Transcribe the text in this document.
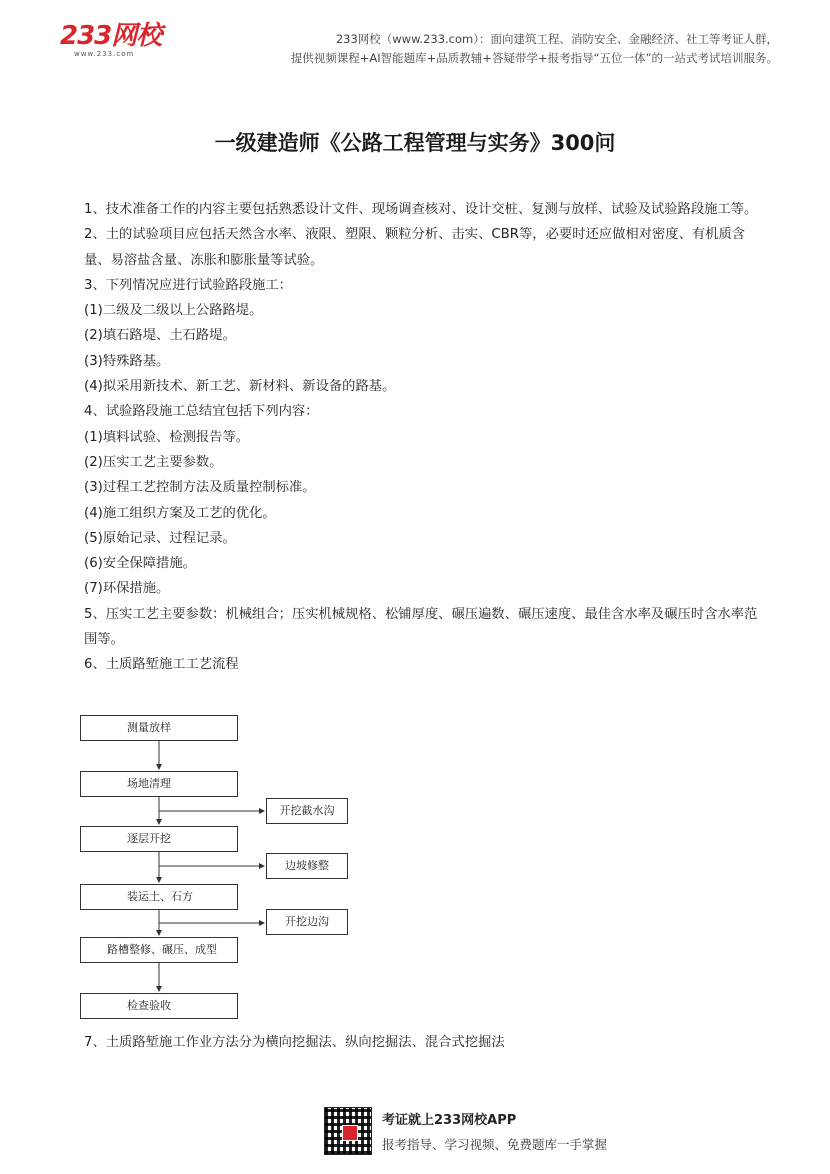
233网校
www.233.com
233网校（www.233.com）：面向建筑工程、消防安全、金融经济、社工等考证人群，
提供视频课程+AI智能题库+品质教辅+答疑带学+报考指导“五位一体”的一站式考试培训服务。
一级建造师《公路工程管理与实务》300问

1、技术准备工作的内容主要包括熟悉设计文件、现场调查核对、设计交桩、复测与放样、试验及试验路段施工等。

2、土的试验项目应包括天然含水率、液限、塑限、颗粒分析、击实、CBR等，必要时还应做相对密度、有机质含量、易溶盐含量、冻胀和膨胀量等试验。

3、下列情况应进行试验路段施工：

(1)二级及二级以上公路路堤。

(2)填石路堤、土石路堤。

(3)特殊路基。

(4)拟采用新技术、新工艺、新材料、新设备的路基。

4、试验路段施工总结宜包括下列内容：

(1)填料试验、检测报告等。

(2)压实工艺主要参数。

(3)过程工艺控制方法及质量控制标准。

(4)施工组织方案及工艺的优化。

(5)原始记录、过程记录。

(6)安全保障措施。

(7)环保措施。

5、压实工艺主要参数：机械组合；压实机械规格、松铺厚度、碾压遍数、碾压速度、最佳含水率及碾压时含水率范围等。

6、土质路堑施工工艺流程

测量放样
场地清理
逐层开挖
装运土、石方
路槽整修、碾压、成型
检查验收
开挖截水沟
边坡修整
开挖边沟
7、土质路堑施工作业方法分为横向挖掘法、纵向挖掘法、混合式挖掘法
考证就上233网校APP
报考指导、学习视频、免费题库一手掌握
